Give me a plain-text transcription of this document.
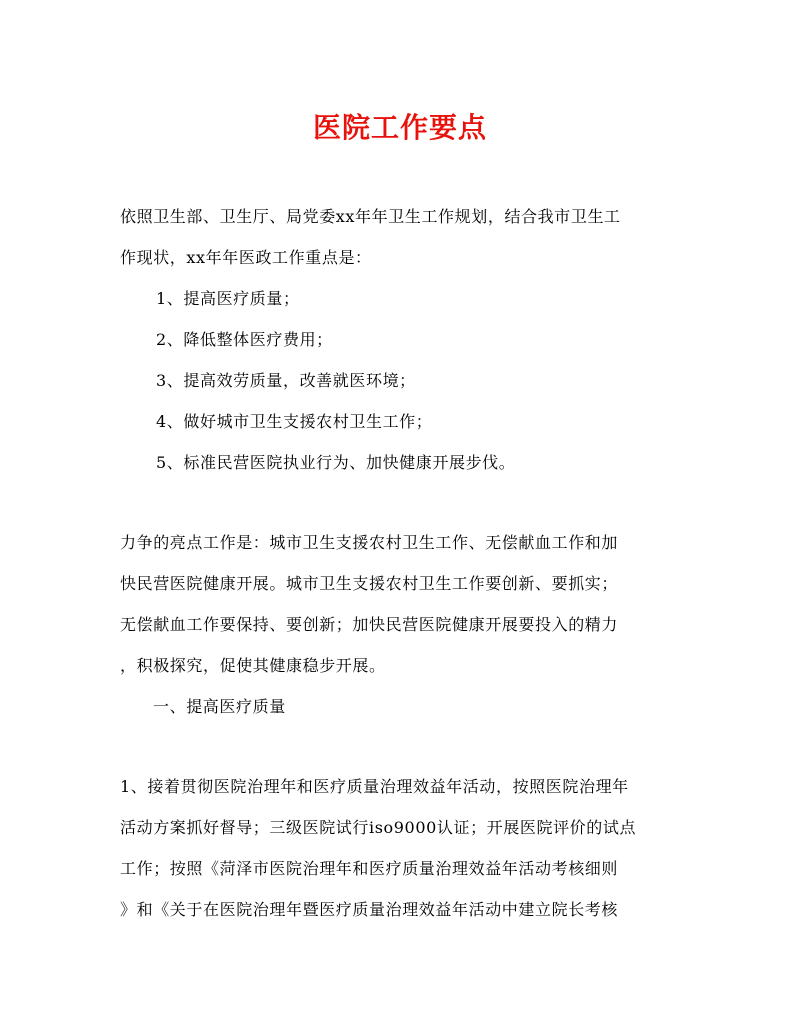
医院工作要点

依照卫生部、卫生厅、局党委xx年年卫生工作规划，结合我市卫生工

作现状，xx年年医政工作重点是：

1、提高医疗质量；

2、降低整体医疗费用；

3、提高效劳质量，改善就医环境；

4、做好城市卫生支援农村卫生工作；

5、标准民营医院执业行为、加快健康开展步伐。

力争的亮点工作是：城市卫生支援农村卫生工作、无偿献血工作和加

快民营医院健康开展。城市卫生支援农村卫生工作要创新、要抓实；

无偿献血工作要保持、要创新；加快民营医院健康开展要投入的精力

，积极探究，促使其健康稳步开展。

一、提高医疗质量

1、接着贯彻医院治理年和医疗质量治理效益年活动，按照医院治理年

活动方案抓好督导；三级医院试行iso9000认证；开展医院评价的试点

工作；按照《菏泽市医院治理年和医疗质量治理效益年活动考核细则

》和《关于在医院治理年暨医疗质量治理效益年活动中建立院长考核
